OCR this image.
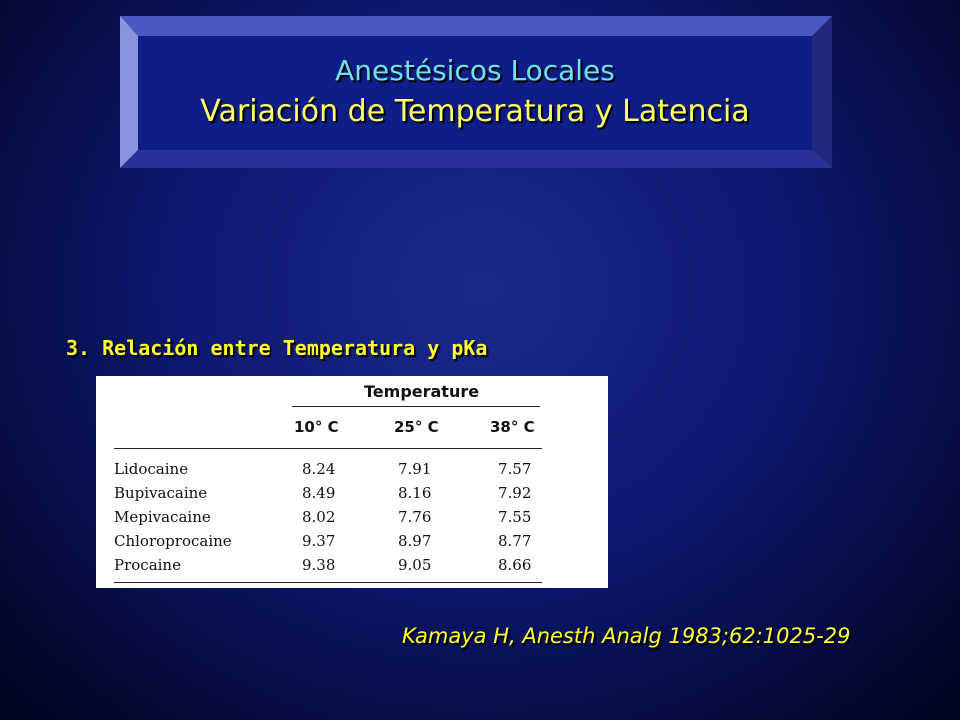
Anestésicos Locales
Variación de Temperatura y Latencia
3. Relación entre Temperatura y pKa
Temperature
10° C	25° C	38° C
Lidocaine	8.24	7.91	7.57
Bupivacaine	8.49	8.16	7.92
Mepivacaine	8.02	7.76	7.55
Chloroprocaine	9.37	8.97	8.77
Procaine	9.38	9.05	8.66
Kamaya H, Anesth Analg 1983;62:1025-29
